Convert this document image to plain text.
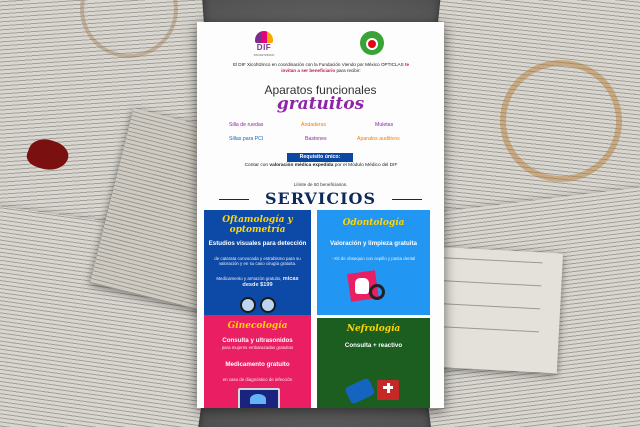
DIF
XICOHTZINCO
El DIF Xicohtzinco en coordinación con la Fundación Viendo por México OPTICLAS te invitan a ser beneficiario para recibir:
Aparatos funcionales
gratuitos
Silla de ruedas	Andaderas	Muletas
Sillas para PCI	Bastones	Aparatos auditivos
Requisito único:
Contar con valoración médica expedida por el Módulo Médico del DIF
Límite de 50 beneficiarios.
SERVICIOS
Oftamología y optometría
Estudios visuales para detección
de catarata convocada y estrabismo para su valoración y en su caso cirugía gratuita.
Medicamento y armazón gratuito, micas desde $199
Odontología
Valoración y limpieza gratuita
- Kit de obsequio con cepillo y pasta dental
Ginecología
Consulta y ultrasonidos
para mujeres embarazadas gratuitos
Medicamento gratuito
en caso de diagnóstico de infección
Nefrología
Consulta + reactivo
